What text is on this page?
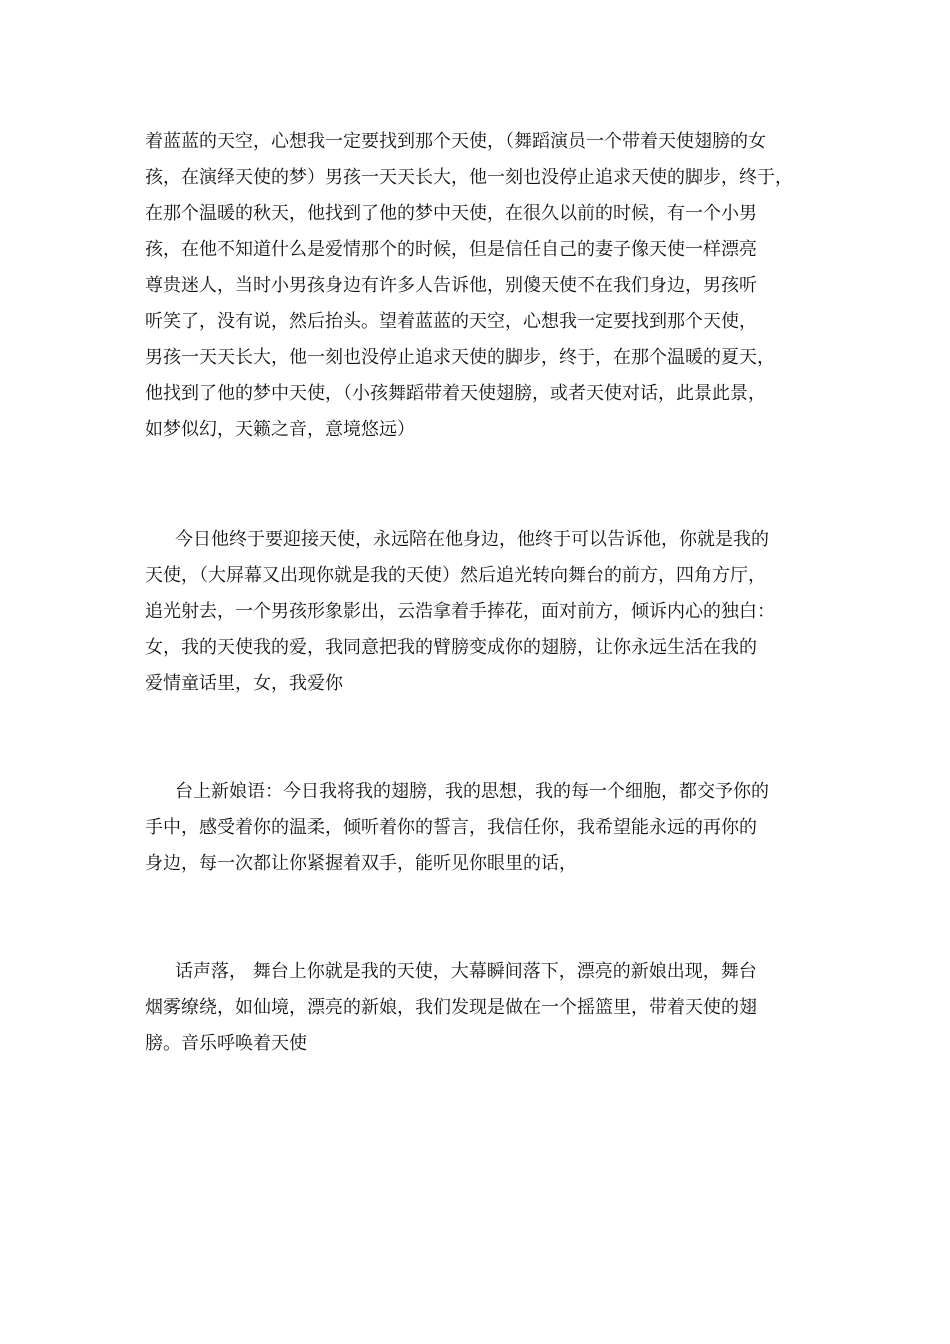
着蓝蓝的天空，心想我一定要找到那个天使，（舞蹈演员一个带着天使翅膀的女
孩，在演绎天使的梦）男孩一天天长大，他一刻也没停止追求天使的脚步，终于，
在那个温暖的秋天，他找到了他的梦中天使，在很久以前的时候，有一个小男
孩，在他不知道什么是爱情那个的时候，但是信任自己的妻子像天使一样漂亮
尊贵迷人，当时小男孩身边有许多人告诉他，别傻天使不在我们身边，男孩听
听笑了，没有说，然后抬头。望着蓝蓝的天空，心想我一定要找到那个天使，
男孩一天天长大，他一刻也没停止追求天使的脚步，终于，在那个温暖的夏天，
他找到了他的梦中天使，（小孩舞蹈带着天使翅膀，或者天使对话，此景此景，
如梦似幻，天籁之音，意境悠远）
今日他终于要迎接天使，永远陪在他身边，他终于可以告诉他，你就是我的
天使，（大屏幕又出现你就是我的天使）然后追光转向舞台的前方，四角方厅，
追光射去，一个男孩形象影出，云浩拿着手捧花，面对前方，倾诉内心的独白：
女，我的天使我的爱，我同意把我的臂膀变成你的翅膀，让你永远生活在我的
爱情童话里，女，我爱你
台上新娘语：今日我将我的翅膀，我的思想，我的每一个细胞，都交予你的
手中，感受着你的温柔，倾听着你的誓言，我信任你，我希望能永远的再你的
身边，每一次都让你紧握着双手，能听见你眼里的话，
话声落， 舞台上你就是我的天使，大幕瞬间落下，漂亮的新娘出现，舞台
烟雾缭绕，如仙境，漂亮的新娘，我们发现是做在一个摇篮里，带着天使的翅
膀。音乐呼唤着天使
